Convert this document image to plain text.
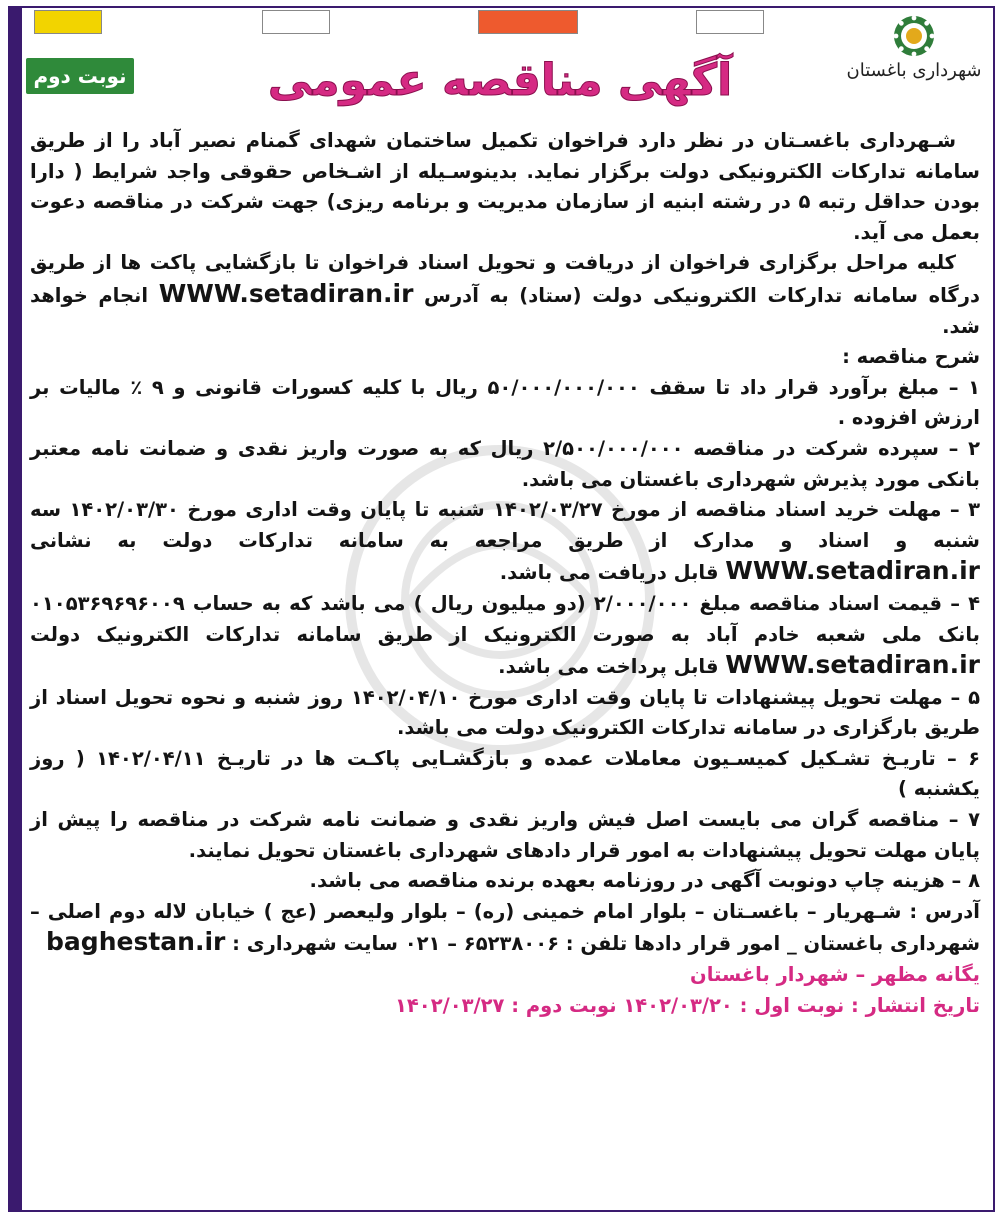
شهرداری باغستان
نوبت دوم	آگهی مناقصه عمومی

شـهرداری باغسـتان در نظر دارد فراخوان تکمیل ساختمان شهدای گمنام نصیر آباد را از طریق سامانه تدارکات الکترونیکی دولت برگزار نماید. بدینوسـیله از اشـخاص حقوقی واجد شرایط ( دارا بودن حداقل رتبه ۵ در رشته ابنیه از سازمان مدیریت و برنامه ریزی) جهت شرکت در مناقصه دعوت بعمل می آید.

کلیه مراحل برگزاری فراخوان از دریافت و تحویل اسناد فراخوان تا بازگشایی پاکت ها از طریق درگاه سامانه تدارکات الکترونیکی دولت (ستاد) به آدرس WWW.setadiran.ir انجام خواهد شد.

شرح مناقصه :

۱ – مبلغ برآورد قرار داد تا سقف ۵۰/۰۰۰/۰۰۰/۰۰۰ ریال با کلیه کسورات قانونی و ۹ ٪ مالیات بر ارزش افزوده .

۲ – سپرده شرکت در مناقصه ۲/۵۰۰/۰۰۰/۰۰۰ ریال که به صورت واریز نقدی و ضمانت نامه معتبر بانکی مورد پذیرش شهرداری باغستان می باشد.

۳ – مهلت خرید اسناد مناقصه از مورخ ۱۴۰۲/۰۳/۲۷ شنبه تا پایان وقت اداری مورخ ۱۴۰۲/۰۳/۳۰ سه شنبه و اسناد و مدارک از طریق مراجعه به سامانه تدارکات دولت به نشانی WWW.setadiran.ir قابل دریافت می باشد.

۴ – قیمت اسناد مناقصه مبلغ ۲/۰۰۰/۰۰۰ (دو میلیون ریال ) می باشد که به حساب ۰۱۰۵۳۶۹۶۹۶۰۰۹ بانک ملی شعبه خادم آباد به صورت الکترونیک از طریق سامانه تدارکات الکترونیک دولت WWW.setadiran.ir قابل پرداخت می باشد.

۵ – مهلت تحویل پیشنهادات تا پایان وقت اداری مورخ ۱۴۰۲/۰۴/۱۰ روز شنبه و نحوه تحویل اسناد از طریق بارگزاری در سامانه تدارکات الکترونیک دولت می باشد.

۶ – تاریـخ تشـکیل کمیسـیون معاملات عمده و بازگشـایی پاکـت ها در تاریـخ ۱۴۰۲/۰۴/۱۱ ( روز یکشنبه )

۷ – مناقصه گران می بایست اصل فیش واریز نقدی و ضمانت نامه شرکت در مناقصه را پیش از پایان مهلت تحویل پیشنهادات به امور قرار دادهای شهرداری باغستان تحویل نمایند.

۸ – هزینه چاپ دونوبت آگهی در روزنامه بعهده برنده مناقصه می باشد.

آدرس : شـهریار – باغسـتان – بلوار امام خمینی (ره) – بلوار ولیعصر (عج ) خیابان لاله دوم اصلی – شهرداری باغستان _ امور قرار دادها تلفن : ۶۵۲۳۸۰۰۶ – ۰۲۱ سایت شهرداری : baghestan.ir

یگانه مظهر – شهردار باغستان

تاریخ انتشار : نوبت اول : ۱۴۰۲/۰۳/۲۰ نوبت دوم : ۱۴۰۲/۰۳/۲۷
